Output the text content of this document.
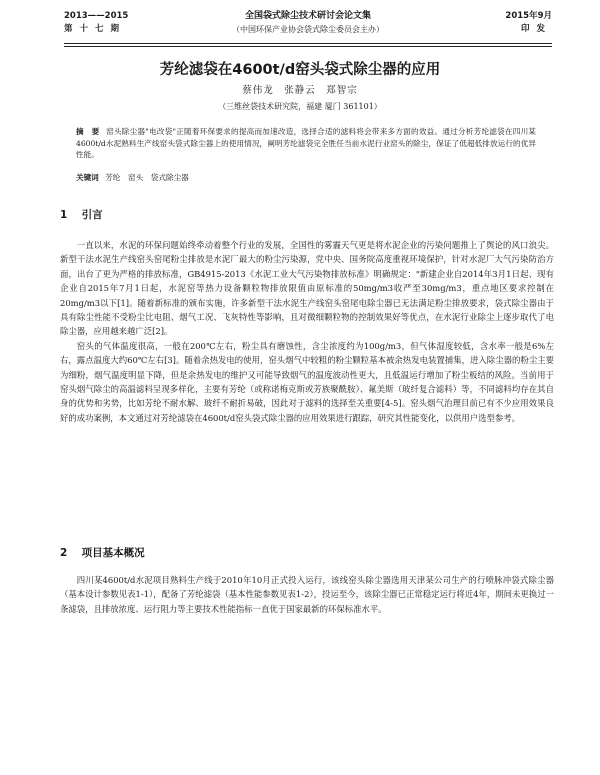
2013——2015
第十七期
全国袋式除尘技术研讨会论文集
（中国环保产业协会袋式除尘委员会主办）
2015年9月
印发
芳纶滤袋在4600t/d窑头袋式除尘器的应用
蔡伟龙　张静云　郑智宗
（三维丝袋技术研究院，福建 厦门 361101）
摘　要 窑头除尘器"电改袋"正随着环保要求的提高而加速改造，选择合适的滤料将会带来多方面的效益。通过分析芳纶滤袋在四川某4600t/d水泥熟料生产线窑头袋式除尘器上的使用情况，阐明芳纶滤袋完全胜任当前水泥行业窑头的除尘，保证了低超低排放运行的优异性能。
关键词 芳纶　窑头　袋式除尘器
1 引言

一直以来，水泥的环保问题始终牵动着整个行业的发展，全国性的雾霾天气更是将水泥企业的污染问题推上了舆论的风口浪尖。新型干法水泥生产线窑头窑尾粉尘排放是水泥厂最大的粉尘污染源，党中央、国务院高度重视环境保护，针对水泥厂大气污染防治方面，出台了更为严格的排放标准，GB4915-2013《水泥工业大气污染物排放标准》明确规定："新建企业自2014年3月1日起、现有企业自2015年7月1日起，水泥窑等热力设备颗粒物排放限值由原标准的50mg/m3收严至30mg/m3，重点地区要求控制在20mg/m3以下[1]。随着新标准的颁布实施，许多新型干法水泥生产线窑头窑尾电除尘器已无法满足粉尘排放要求，袋式除尘器由于具有除尘性能不受粉尘比电阻、烟气工况、飞灰特性等影响，且对微细颗粒物的控制效果好等优点，在水泥行业除尘上逐步取代了电除尘器，应用越来越广泛[2]。

窑头的气体温度很高，一般在200℃左右，粉尘具有磨蚀性，含尘浓度约为100g/m3，但气体湿度较低，含水率一般是6%左右，露点温度大约60℃左右[3]。随着余热发电的使用，窑头烟气中较粗的粉尘颗粒基本被余热发电装置捕集，进入除尘器的粉尘主要为细粉，烟气温度明显下降，但是余热发电的维护又可能导致烟气的温度波动性更大，且低温运行增加了粉尘板结的风险。当前用于窑头烟气除尘的高温滤料呈现多样化，主要有芳纶（或称诺梅克斯或芳族聚酰胺）、氟美斯（玻纤复合滤料）等，不同滤料均存在其自身的优势和劣势，比如芳纶不耐水解、玻纤不耐折易破，因此对于滤料的选择至关重要[4-5]。窑头烟气治理目前已有不少应用效果良好的成功案例，本文通过对芳纶滤袋在4600t/d窑头袋式除尘器的应用效果进行跟踪，研究其性能变化，以供用户选型参考。

2 项目基本概况

四川某4600t/d水泥项目熟料生产线于2010年10月正式投入运行，该线窑头除尘器选用天津某公司生产的行喷脉冲袋式除尘器（基本设计参数见表1-1），配备了芳纶滤袋（基本性能参数见表1-2），投运至今，该除尘器已正常稳定运行将近4年，期间未更换过一条滤袋，且排放浓度、运行阻力等主要技术性能指标一直优于国家最新的环保标准水平。
